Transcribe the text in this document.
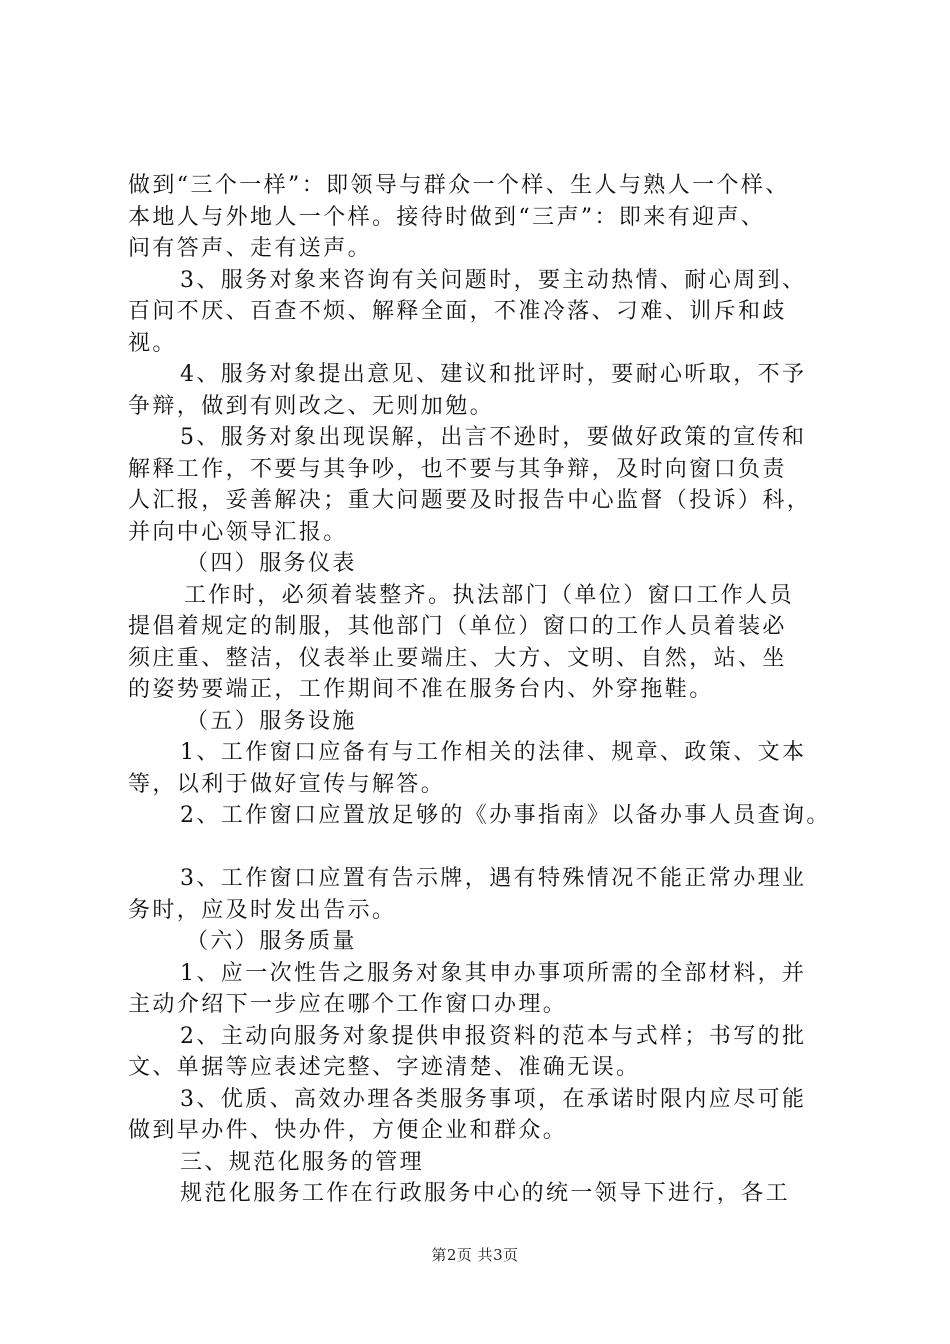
做到“三个一样”：即领导与群众一个样、生人与熟人一个样、
本地人与外地人一个样。接待时做到“三声”：即来有迎声、
问有答声、走有送声。
3、服务对象来咨询有关问题时，要主动热情、耐心周到、
百问不厌、百查不烦、解释全面，不准冷落、刁难、训斥和歧
视。
4、服务对象提出意见、建议和批评时，要耐心听取，不予
争辩，做到有则改之、无则加勉。
5、服务对象出现误解，出言不逊时，要做好政策的宣传和
解释工作，不要与其争吵，也不要与其争辩，及时向窗口负责
人汇报，妥善解决；重大问题要及时报告中心监督（投诉）科，
并向中心领导汇报。
（四）服务仪表
工作时，必须着装整齐。执法部门（单位）窗口工作人员
提倡着规定的制服，其他部门（单位）窗口的工作人员着装必
须庄重、整洁，仪表举止要端庄、大方、文明、自然，站、坐
的姿势要端正，工作期间不准在服务台内、外穿拖鞋。
（五）服务设施
1、工作窗口应备有与工作相关的法律、规章、政策、文本
等，以利于做好宣传与解答。
2、工作窗口应置放足够的《办事指南》以备办事人员查询。
3、工作窗口应置有告示牌，遇有特殊情况不能正常办理业
务时，应及时发出告示。
（六）服务质量
1、应一次性告之服务对象其申办事项所需的全部材料，并
主动介绍下一步应在哪个工作窗口办理。
2、主动向服务对象提供申报资料的范本与式样；书写的批
文、单据等应表述完整、字迹清楚、准确无误。
3、优质、高效办理各类服务事项，在承诺时限内应尽可能
做到早办件、快办件，方便企业和群众。
三、规范化服务的管理
规范化服务工作在行政服务中心的统一领导下进行，各工
第2页 共3页
